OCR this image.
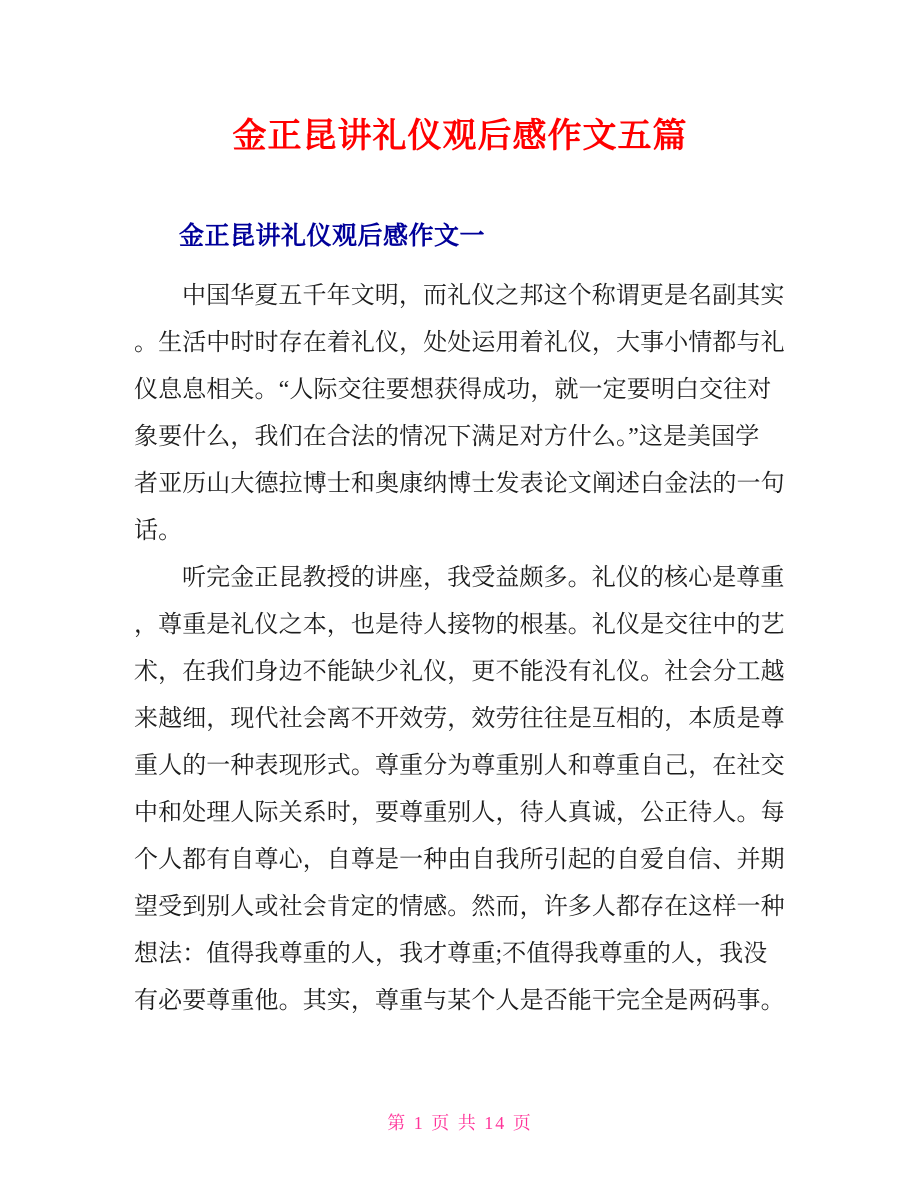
金正昆讲礼仪观后感作文五篇
金正昆讲礼仪观后感作文一
中国华夏五千年文明，而礼仪之邦这个称谓更是名副其实
。生活中时时存在着礼仪，处处运用着礼仪，大事小情都与礼
仪息息相关。“人际交往要想获得成功，就一定要明白交往对
象要什么，我们在合法的情况下满足对方什么。”这是美国学
者亚历山大德拉博士和奥康纳博士发表论文阐述白金法的一句
话。
听完金正昆教授的讲座，我受益颇多。礼仪的核心是尊重
，尊重是礼仪之本，也是待人接物的根基。礼仪是交往中的艺
术，在我们身边不能缺少礼仪，更不能没有礼仪。社会分工越
来越细，现代社会离不开效劳，效劳往往是互相的，本质是尊
重人的一种表现形式。尊重分为尊重别人和尊重自己，在社交
中和处理人际关系时，要尊重别人，待人真诚，公正待人。每
个人都有自尊心，自尊是一种由自我所引起的自爱自信、并期
望受到别人或社会肯定的情感。然而，许多人都存在这样一种
想法：值得我尊重的人，我才尊重;不值得我尊重的人，我没
有必要尊重他。其实，尊重与某个人是否能干完全是两码事。
第 1 页 共 14 页
